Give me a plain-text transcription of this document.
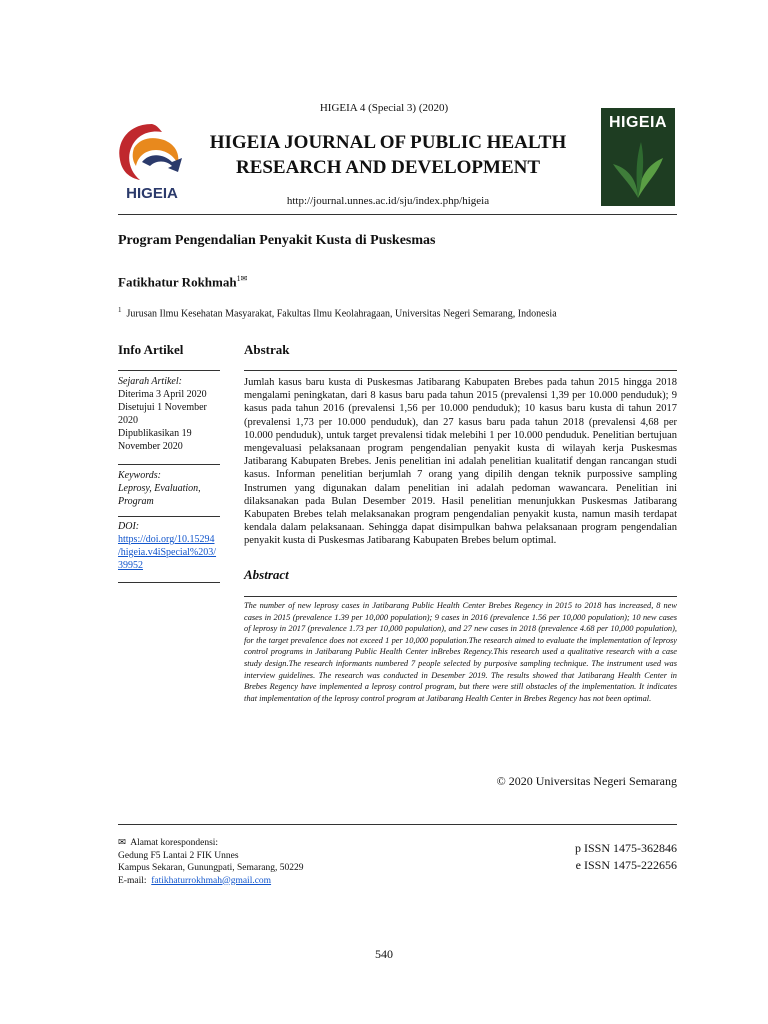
HIGEIA 4 (Special 3) (2020)
HIGEIA
HIGEIA JOURNAL OF PUBLIC HEALTH
RESEARCH AND DEVELOPMENT
http://journal.unnes.ac.id/sju/index.php/higeia
HIGEIA
Program Pengendalian Penyakit Kusta di Puskesmas
Fatikhatur Rokhmah$^{1✉}$
$^1$ Jurusan Ilmu Kesehatan Masyarakat, Fakultas Ilmu Keolahragaan, Universitas Negeri Semarang, Indonesia
Info Artikel	Abstrak
Sejarah Artikel:
Diterima 3 April 2020
Disetujui 1 November
2020
Dipublikasikan 19
November 2020
Keywords:
Leprosy, Evaluation,
Program
DOI:
https://doi.org/10.15294
/higeia.v4iSpecial%203/
39952
Jumlah kasus baru kusta di Puskesmas Jatibarang Kabupaten Brebes pada tahun 2015 hingga 2018 mengalami peningkatan, dari 8 kasus baru pada tahun 2015 (prevalensi 1,39 per 10.000 penduduk); 9 kasus pada tahun 2016 (prevalensi 1,56 per 10.000 penduduk); 10 kasus baru kusta di tahun 2017 (prevalensi 1,73 per 10.000 penduduk), dan 27 kasus baru pada tahun 2018 (prevalensi 4,68 per 10.000 penduduk), untuk target prevalensi tidak melebihi 1 per 10.000 penduduk. Penelitian bertujuan mengevaluasi pelaksanaan program pengendalian penyakit kusta di wilayah kerja Puskesmas Jatibarang Kabupaten Brebes. Jenis penelitian ini adalah penelitian kualitatif dengan rancangan studi kasus. Informan penelitian berjumlah 7 orang yang dipilih dengan teknik purpossive sampling Instrumen yang digunakan dalam penelitian ini adalah pedoman wawancara. Penelitian ini dilaksanakan pada Bulan Desember 2019. Hasil penelitian menunjukkan Puskesmas Jatibarang Kabupaten Brebes telah melaksanakan program pengendalian penyakit kusta, namun masih terdapat kendala dalam pelaksanaan. Sehingga dapat disimpulkan bahwa pelaksanaan program pengendalian penyakit kusta di Puskesmas Jatibarang Kabupaten Brebes belum optimal.
Abstract
The number of new leprosy cases in Jatibarang Public Health Center Brebes Regency in 2015 to 2018 has increased, 8 new cases in 2015 (prevalence 1.39 per 10,000 population); 9 cases in 2016 (prevalence 1.56 per 10,000 population); 10 new cases of leprosy in 2017 (prevalence 1.73 per 10,000 population), and 27 new cases in 2018 (prevalence 4.68 per 10,000 population), for the target prevalence does not exceed 1 per 10,000 population.The research aimed to evaluate the implementation of leprosy control programs in Jatibarang Public Health Center inBrebes Regency.This research used a qualitative research with a case study design.The research informants numbered 7 people selected by purposive sampling technique. The instrument used was interview guidelines. The research was conducted in Desember 2019. The results showed that Jatibarang Health Center in Brebes Regency have implemented a leprosy control program, but there were still obstacles of the implementation. It indicates that implementation of the leprosy control program at Jatibarang Health Center in Brebes Regency has not been optimal.
© 2020 Universitas Negeri Semarang
✉ Alamat korespondensi:
Gedung F5 Lantai 2 FIK Unnes
Kampus Sekaran, Gunungpati, Semarang, 50229
E-mail: fatikhaturrokhmah@gmail.com
p ISSN 1475-362846
e ISSN 1475-222656
540
